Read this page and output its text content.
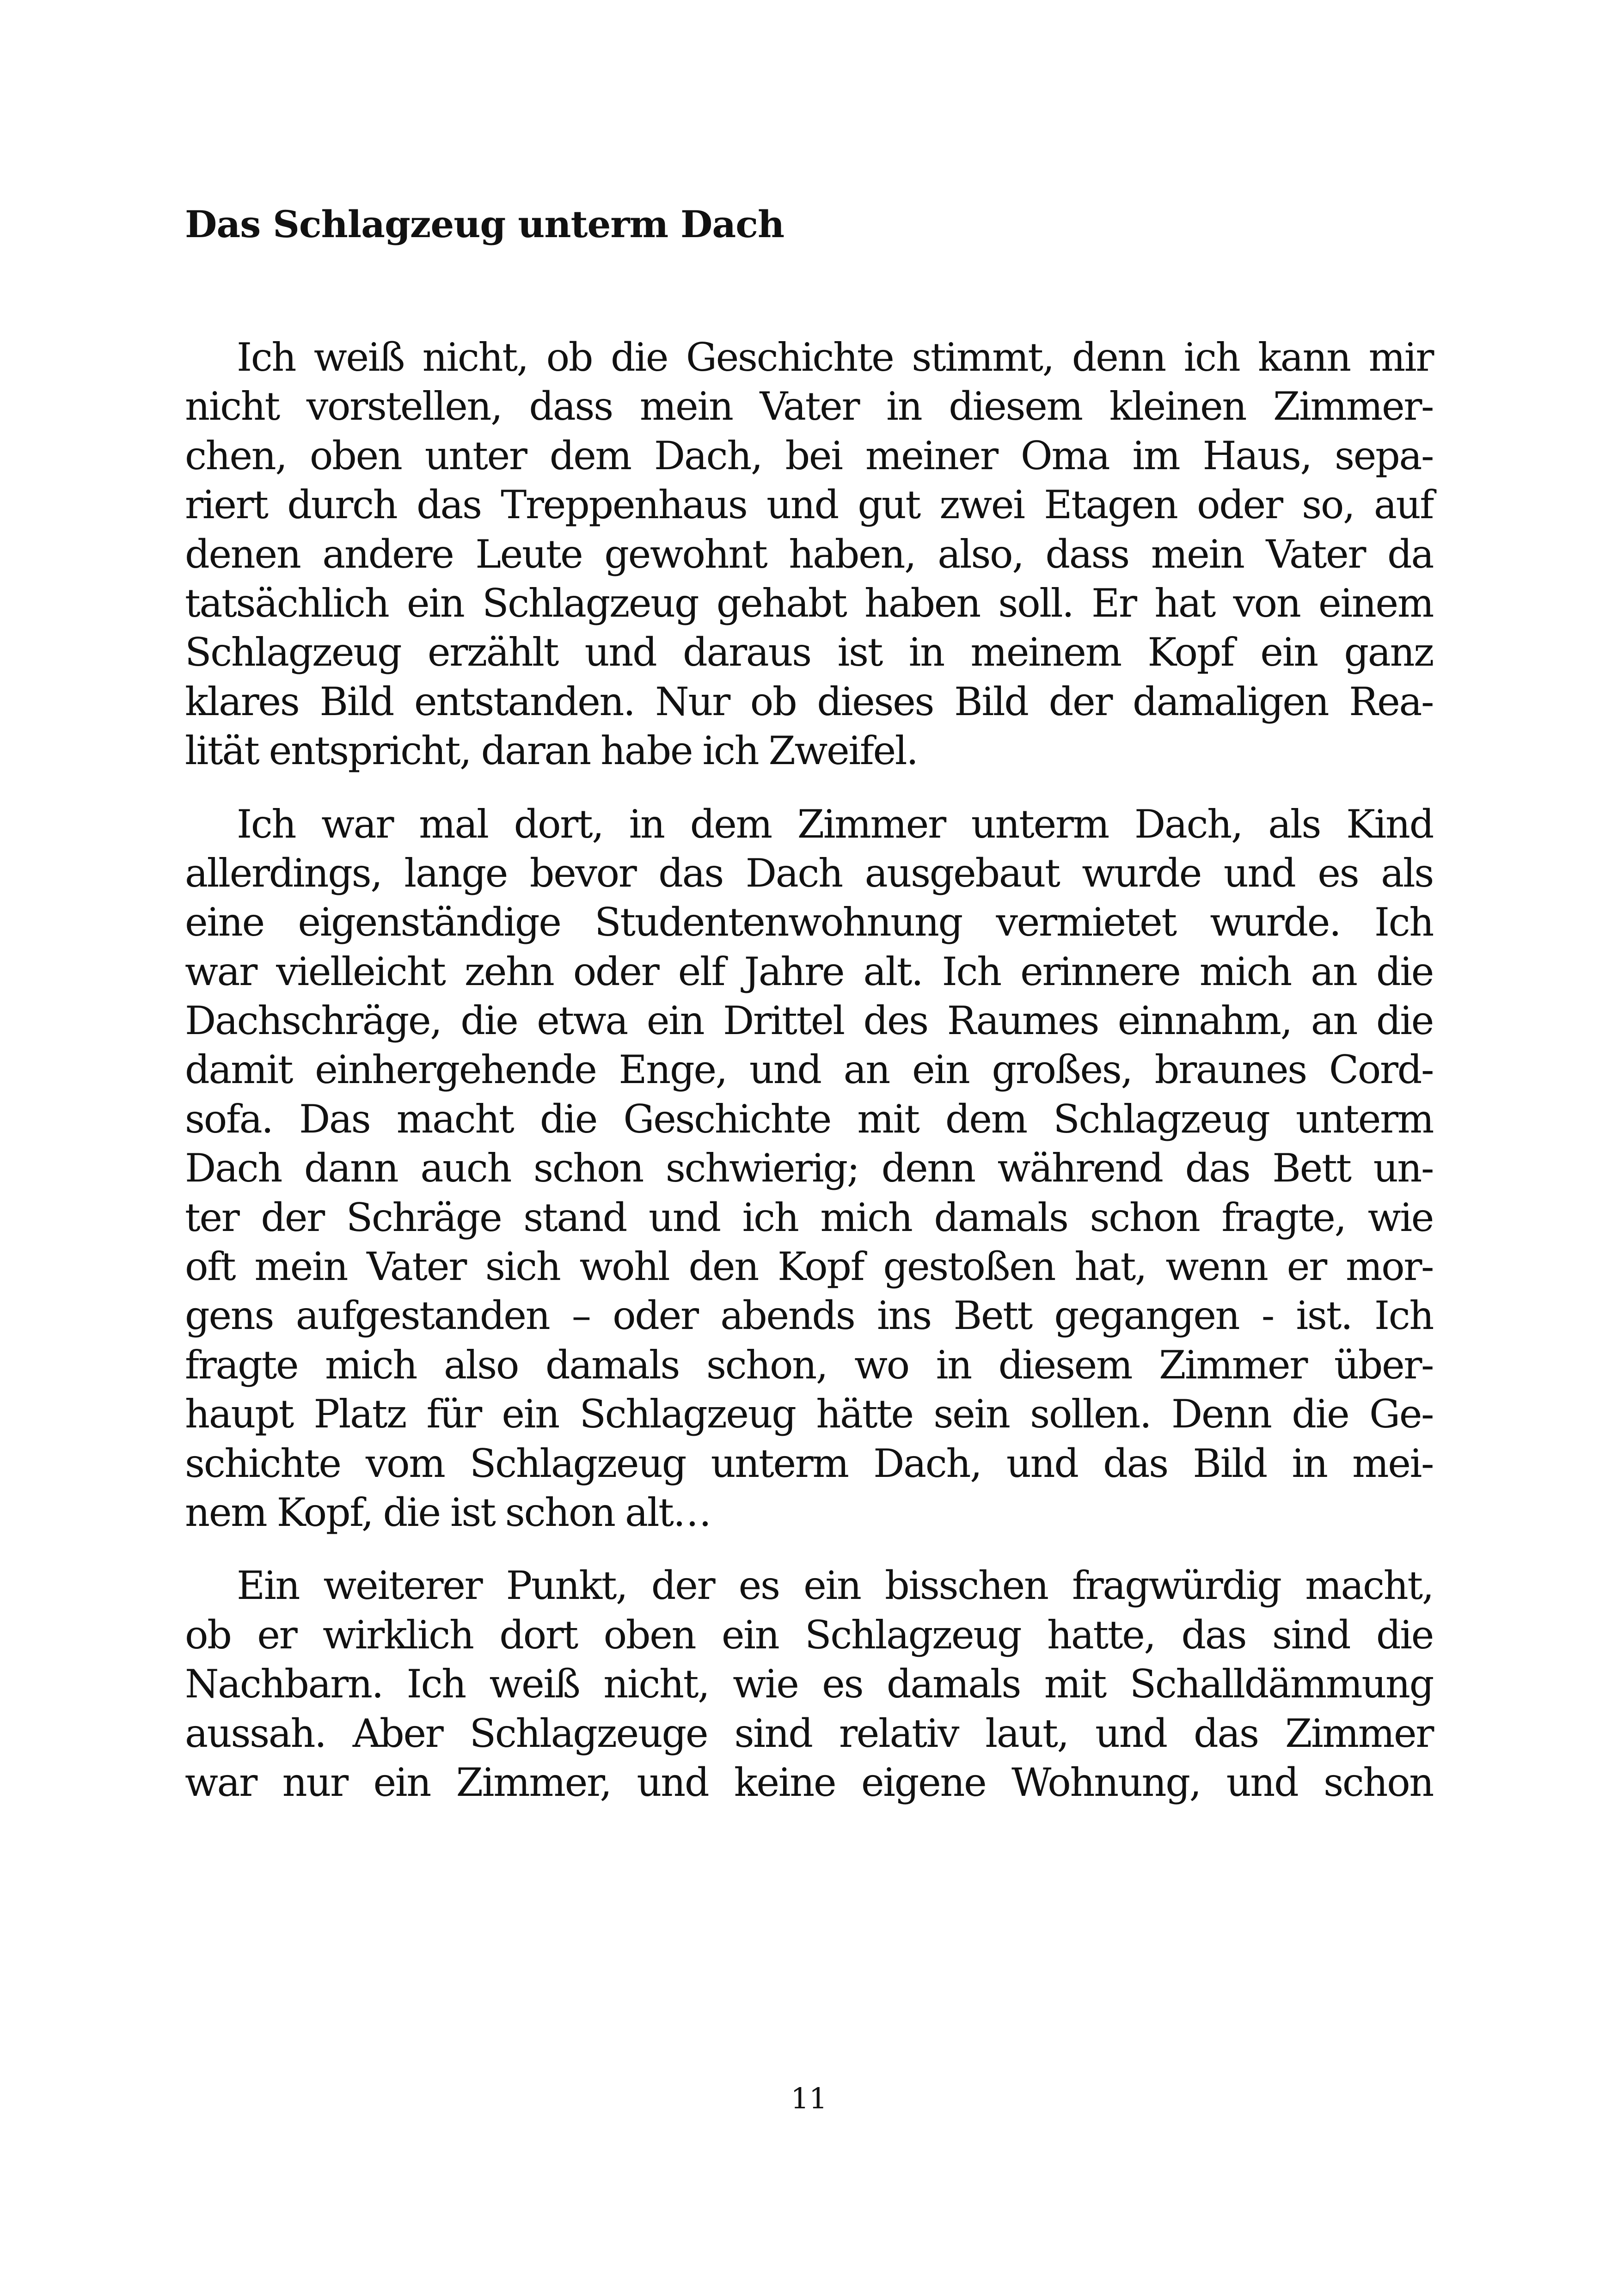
Das Schlagzeug unterm Dach

Ich weiß nicht, ob die Geschichte stimmt, denn ich kann mir
nicht vorstellen, dass mein Vater in diesem kleinen Zimmer-
chen, oben unter dem Dach, bei meiner Oma im Haus, sepa-
riert durch das Treppenhaus und gut zwei Etagen oder so, auf
denen andere Leute gewohnt haben, also, dass mein Vater da
tatsächlich ein Schlagzeug gehabt haben soll. Er hat von einem
Schlagzeug erzählt und daraus ist in meinem Kopf ein ganz
klares Bild entstanden. Nur ob dieses Bild der damaligen Rea-
lität entspricht, daran habe ich Zweifel.

Ich war mal dort, in dem Zimmer unterm Dach, als Kind
allerdings, lange bevor das Dach ausgebaut wurde und es als
eine eigenständige Studentenwohnung vermietet wurde. Ich
war vielleicht zehn oder elf Jahre alt. Ich erinnere mich an die
Dachschräge, die etwa ein Drittel des Raumes einnahm, an die
damit einhergehende Enge, und an ein großes, braunes Cord-
sofa. Das macht die Geschichte mit dem Schlagzeug unterm
Dach dann auch schon schwierig; denn während das Bett un-
ter der Schräge stand und ich mich damals schon fragte, wie
oft mein Vater sich wohl den Kopf gestoßen hat, wenn er mor-
gens aufgestanden – oder abends ins Bett gegangen - ist. Ich
fragte mich also damals schon, wo in diesem Zimmer über-
haupt Platz für ein Schlagzeug hätte sein sollen. Denn die Ge-
schichte vom Schlagzeug unterm Dach, und das Bild in mei-
nem Kopf, die ist schon alt…

Ein weiterer Punkt, der es ein bisschen fragwürdig macht,
ob er wirklich dort oben ein Schlagzeug hatte, das sind die
Nachbarn. Ich weiß nicht, wie es damals mit Schalldämmung
aussah. Aber Schlagzeuge sind relativ laut, und das Zimmer
war nur ein Zimmer, und keine eigene Wohnung, und schon

11
